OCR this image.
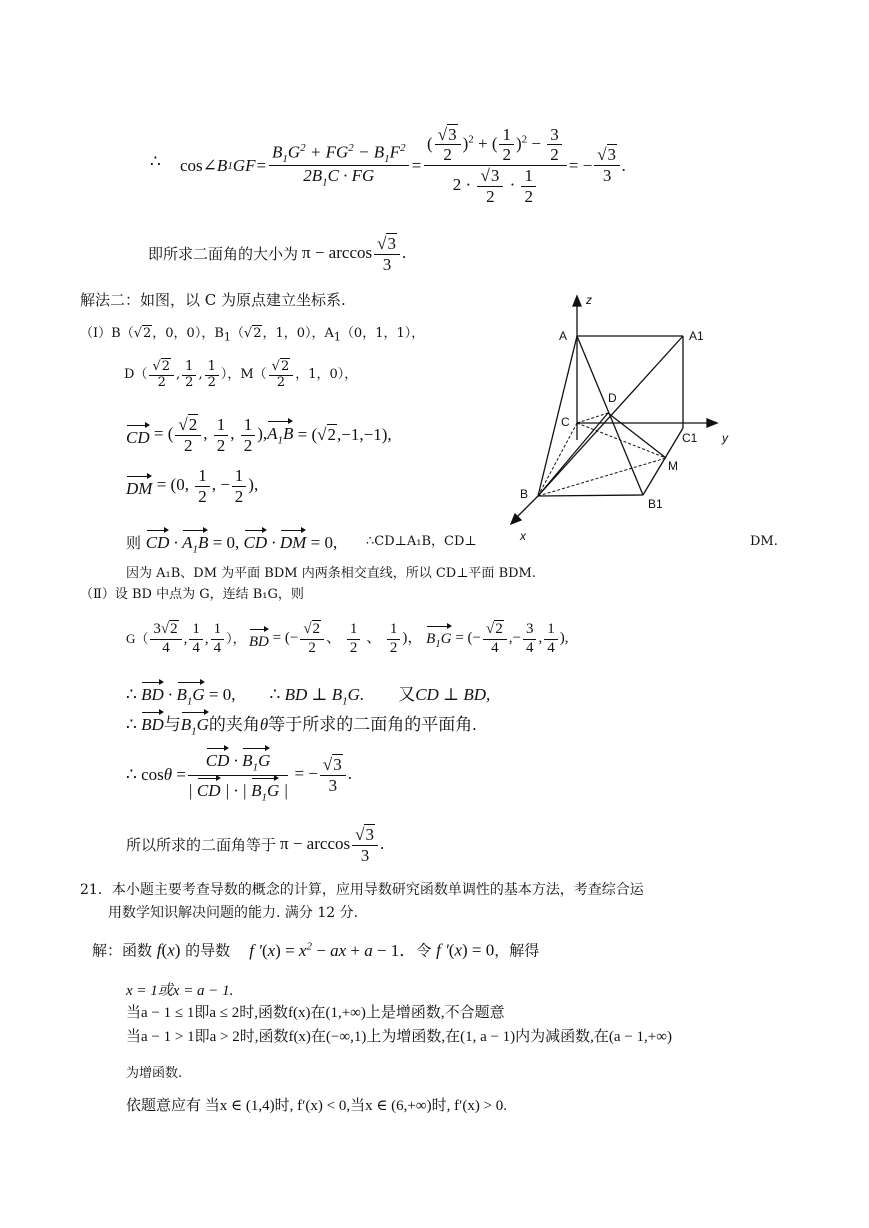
∴ cos ∠ B 1 GF = $\frac{B_1G^2 + FG^2 - B_1F^2}{2B_1C \cdot FG} = \frac{( \frac{√3}{2} )^2 + ( \frac{1}{2} )^2 - \frac{3}{2}}{2 \cdot \frac{√3}{2} \cdot \frac{1}{2}}$ = − $\frac{√3}{3}$ .
即所求二面角的大小为 $\pi - \arccos \frac{√3}{3}$ .
解法二：如图，以 C 为原点建立坐标系.
（Ⅰ）B（√2，0，0），$B_1(√2$，1，0），$A_1(0$，1，1），
$D( \frac{√2}{2}$ , $\frac{1}{2}$ , $\frac{1}{2}$ ），$M( \frac{√2}{2}$ ，1，0），
CD = ( $\frac{√2}{2}$ , $\frac{1}{2}$ , $\frac{1}{2}$ ), $A_1B = (√2,-1,-1)$,
DM = (0, $\frac{1}{2}$ , − $\frac{1}{2}$ ),
则 CD · $A_1B = 0$, CD · DM = 0, ∴CD⊥A₁B，CD⊥	DM.
因为 A₁B、DM 为平面 BDM 内两条相交直线，所以 CD⊥平面 BDM.
（Ⅱ）设 BD 中点为 G，连结 B₁G，则
$G( \frac{3√2}{4}$ , $\frac{1}{4}$ , $\frac{1}{4}$ ）， BD = (− $\frac{√2}{2}$ 、 $\frac{1}{2}$ 、 $\frac{1}{2}$ )， $B_1G$ = (− $\frac{√2}{4}$ ,− $\frac{3}{4}$ , $\frac{1}{4}$ ),
∴ BD · $B_1G = 0$, ∴ BD ⊥ $B_1G$.        又CD ⊥ BD,
∴ BD与$B_1G$的夹角θ等于所求的二面角的平面角.
∴ $\cos \theta = \frac{CD \cdot B_1G}{| CD | \cdot | B_1G |}$ = − $\frac{√3}{3}$ .
所以所求的二面角等于 $\pi - \arccos \frac{√3}{3}$ .
21．本小题主要考查导数的概念的计算，应用导数研究函数单调性的基本方法，考查综合运
用数学知识解决问题的能力. 满分 12 分.
解：函数 f(x) 的导数    f $'(x) = x^2$ − ax + a − 1．令 f ′(x) = 0，解得
x = 1或x = a − 1.
当a − 1 ≤ 1即a ≤ 2时,函数f(x)在(1,+∞)上是增函数,不合题意
当a − 1 > 1即a > 2时,函数f(x)在(−∞,1)上为增函数,在(1, a − 1)内为减函数,在(a − 1,+∞)
为增函数.
依题意应有 当x ∈ (1,4)时, f′(x) < 0,当x ∈ (6,+∞)时, f′(x) > 0.
z
y
x
A	A1
C
C1
D
M
B
B1
